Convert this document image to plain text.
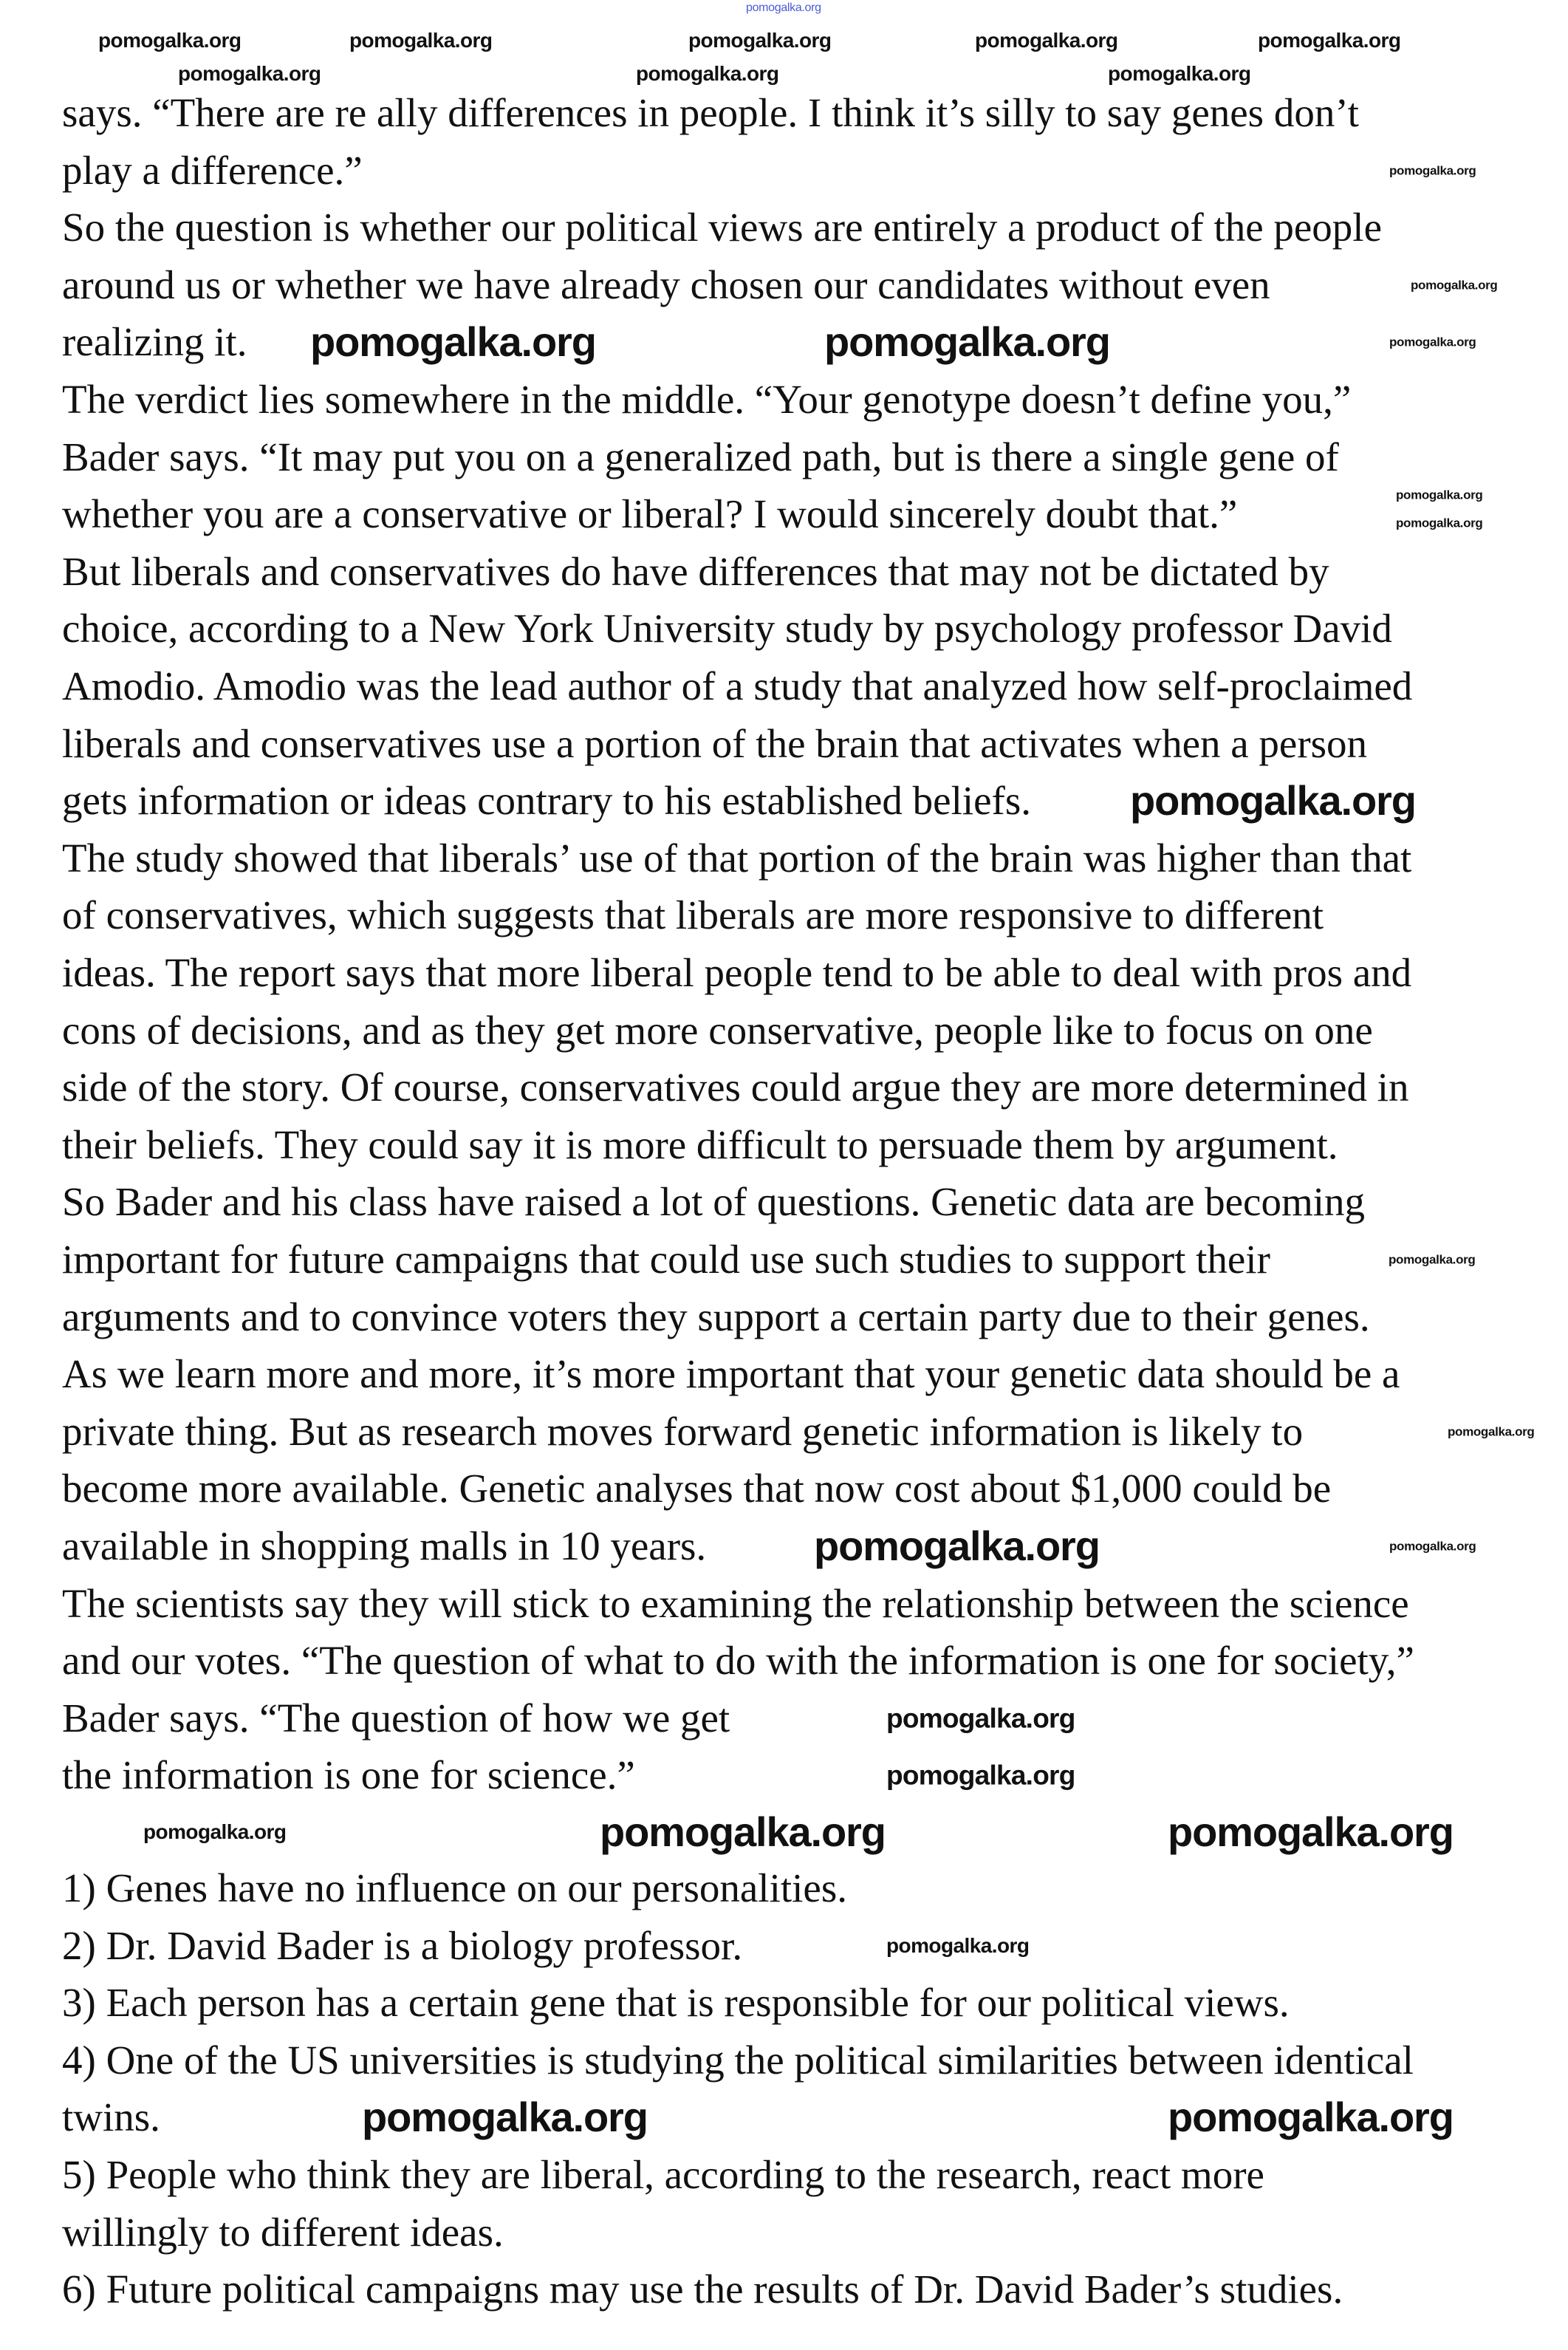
says. “There are re ally differences in people. I think it’s silly to say genes don’t
play a difference.”
So the question is whether our political views are entirely a product of the people
around us or whether we have already chosen our candidates without even
realizing it.
The verdict lies somewhere in the middle. “Your genotype doesn’t define you,”
Bader says. “It may put you on a generalized path, but is there a single gene of
whether you are a conservative or liberal? I would sincerely doubt that.”
But liberals and conservatives do have differences that may not be dictated by
choice, according to a New York University study by psychology professor David
Amodio. Amodio was the lead author of a study that analyzed how self-proclaimed
liberals and conservatives use a portion of the brain that activates when a person
gets information or ideas contrary to his established beliefs.
The study showed that liberals’ use of that portion of the brain was higher than that
of conservatives, which suggests that liberals are more responsive to different
ideas. The report says that more liberal people tend to be able to deal with pros and
cons of decisions, and as they get more conservative, people like to focus on one
side of the story. Of course, conservatives could argue they are more determined in
their beliefs. They could say it is more difficult to persuade them by argument.
So Bader and his class have raised a lot of questions. Genetic data are becoming
important for future campaigns that could use such studies to support their
arguments and to convince voters they support a certain party due to their genes.
As we learn more and more, it’s more important that your genetic data should be a
private thing. But as research moves forward genetic information is likely to
become more available. Genetic analyses that now cost about $1,000 could be
available in shopping malls in 10 years.
The scientists say they will stick to examining the relationship between the science
and our votes. “The question of what to do with the information is one for society,”
Bader says. “The question of how we get
the information is one for science.”
1) Genes have no influence on our personalities.
2) Dr. David Bader is a biology professor.
3) Each person has a certain gene that is responsible for our political views.
4) One of the US universities is studying the political similarities between identical
twins.
5) People who think they are liberal, according to the research, react more
willingly to different ideas.
6) Future political campaigns may use the results of Dr. David Bader’s studies.
pomogalka.org
pomogalka.org	pomogalka.org	pomogalka.org	pomogalka.org	pomogalka.org
pomogalka.org	pomogalka.org	pomogalka.org
pomogalka.org
pomogalka.org
pomogalka.org
pomogalka.org
pomogalka.org
pomogalka.org
pomogalka.org
pomogalka.org
pomogalka.org	pomogalka.org
pomogalka.org
pomogalka.org
pomogalka.org
pomogalka.org
pomogalka.org	pomogalka.org	pomogalka.org
pomogalka.org
pomogalka.org	pomogalka.org
